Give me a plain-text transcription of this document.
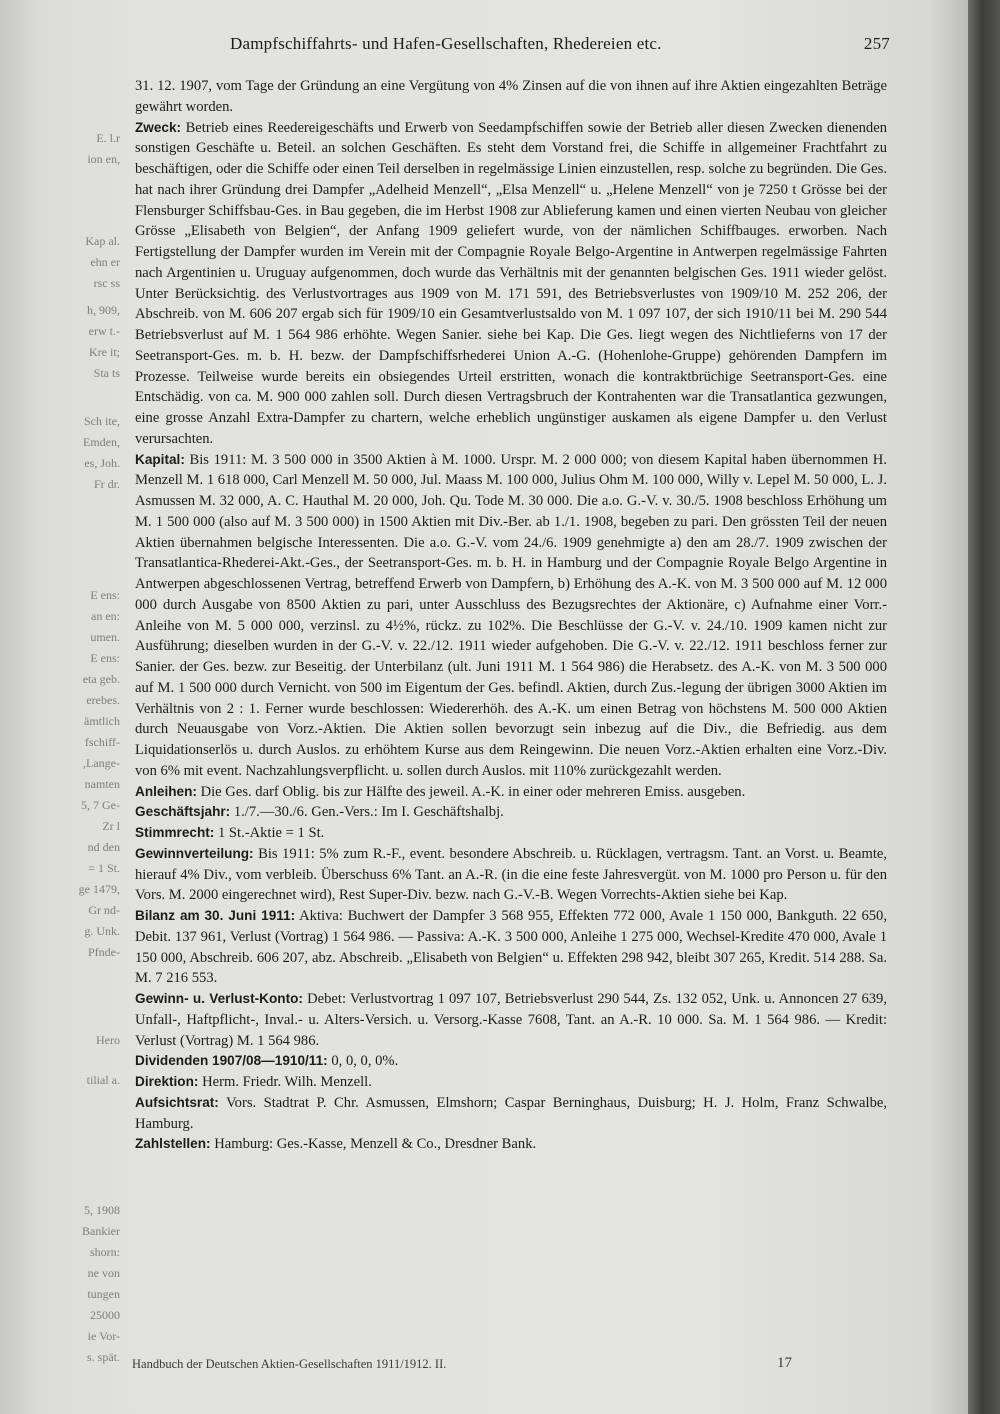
E. l.r
ion en,
Kap al.
ehn er
rsc ss
h, 909,
erw t.-
Kre it;
Sta ts
Sch ite,
Emden,
es, Joh.
Fr dr.
E ens:
an en:
umen.
E ens:
eta geb.
erebes.
ämtlich
fschiff-
,Lange-
namten
5, 7 Ge-
Zr l
nd den
= 1 St.
ge 1479,
Gr nd-
g. Unk.
Pfnde-
Hero
tilial a.
5, 1908
Bankier
shorn:
ne von
tungen
25000
ie Vor-
s. spät.
Dampfschiffahrts- und Hafen-Gesellschaften, Rhedereien etc.	257

31. 12. 1907, vom Tage der Gründung an eine Vergütung von 4% Zinsen auf die von ihnen auf ihre Aktien eingezahlten Beträge gewährt worden.

Zweck: Betrieb eines Reedereigeschäfts und Erwerb von Seedampfschiffen sowie der Betrieb aller diesen Zwecken dienenden sonstigen Geschäfte u. Beteil. an solchen Geschäften. Es steht dem Vorstand frei, die Schiffe in allgemeiner Frachtfahrt zu beschäftigen, oder die Schiffe oder einen Teil derselben in regelmässige Linien einzustellen, resp. solche zu begründen. Die Ges. hat nach ihrer Gründung drei Dampfer „Adelheid Menzell“, „Elsa Menzell“ u. „Helene Menzell“ von je 7250 t Grösse bei der Flensburger Schiffsbau-Ges. in Bau gegeben, die im Herbst 1908 zur Ablieferung kamen und einen vierten Neubau von gleicher Grösse „Elisabeth von Belgien“, der Anfang 1909 geliefert wurde, von der nämlichen Schiffbauges. erworben. Nach Fertigstellung der Dampfer wurden im Verein mit der Compagnie Royale Belgo-Argentine in Antwerpen regelmässige Fahrten nach Argentinien u. Uruguay aufgenommen, doch wurde das Verhältnis mit der genannten belgischen Ges. 1911 wieder gelöst. Unter Berücksichtig. des Verlustvortrages aus 1909 von M. 171 591, des Betriebsverlustes von 1909/10 M. 252 206, der Abschreib. von M. 606 207 ergab sich für 1909/10 ein Gesamtverlustsaldo von M. 1 097 107, der sich 1910/11 bei M. 290 544 Betriebsverlust auf M. 1 564 986 erhöhte. Wegen Sanier. siehe bei Kap. Die Ges. liegt wegen des Nichtlieferns von 17 der Seetransport-Ges. m. b. H. bezw. der Dampfschiffsrhederei Union A.-G. (Hohenlohe-Gruppe) gehörenden Dampfern im Prozesse. Teilweise wurde bereits ein obsiegendes Urteil erstritten, wonach die kontraktbrüchige Seetransport-Ges. eine Entschädig. von ca. M. 900 000 zahlen soll. Durch diesen Vertragsbruch der Kontrahenten war die Transatlantica gezwungen, eine grosse Anzahl Extra-Dampfer zu chartern, welche erheblich ungünstiger auskamen als eigene Dampfer u. den Verlust verursachten.

Kapital: Bis 1911: M. 3 500 000 in 3500 Aktien à M. 1000. Urspr. M. 2 000 000; von diesem Kapital haben übernommen H. Menzell M. 1 618 000, Carl Menzell M. 50 000, Jul. Maass M. 100 000, Julius Ohm M. 100 000, Willy v. Lepel M. 50 000, L. J. Asmussen M. 32 000, A. C. Hauthal M. 20 000, Joh. Qu. Tode M. 30 000. Die a.o. G.-V. v. 30./5. 1908 beschloss Erhöhung um M. 1 500 000 (also auf M. 3 500 000) in 1500 Aktien mit Div.-Ber. ab 1./1. 1908, begeben zu pari. Den grössten Teil der neuen Aktien übernahmen belgische Interessenten. Die a.o. G.-V. vom 24./6. 1909 genehmigte a) den am 28./7. 1909 zwischen der Transatlantica-Rhederei-Akt.-Ges., der Seetransport-Ges. m. b. H. in Hamburg und der Compagnie Royale Belgo Argentine in Antwerpen abgeschlossenen Vertrag, betreffend Erwerb von Dampfern, b) Erhöhung des A.-K. von M. 3 500 000 auf M. 12 000 000 durch Ausgabe von 8500 Aktien zu pari, unter Ausschluss des Bezugsrechtes der Aktionäre, c) Aufnahme einer Vorr.-Anleihe von M. 5 000 000, verzinsl. zu 4½%, rückz. zu 102%. Die Beschlüsse der G.-V. v. 24./10. 1909 kamen nicht zur Ausführung; dieselben wurden in der G.-V. v. 22./12. 1911 wieder aufgehoben. Die G.-V. v. 22./12. 1911 beschloss ferner zur Sanier. der Ges. bezw. zur Beseitig. der Unterbilanz (ult. Juni 1911 M. 1 564 986) die Herabsetz. des A.-K. von M. 3 500 000 auf M. 1 500 000 durch Vernicht. von 500 im Eigentum der Ges. befindl. Aktien, durch Zus.-legung der übrigen 3000 Aktien im Verhältnis von 2 : 1. Ferner wurde beschlossen: Wiedererhöh. des A.-K. um einen Betrag von höchstens M. 500 000 Aktien durch Neuausgabe von Vorz.-Aktien. Die Aktien sollen bevorzugt sein inbezug auf die Div., die Befriedig. aus dem Liquidationserlös u. durch Auslos. zu erhöhtem Kurse aus dem Reingewinn. Die neuen Vorz.-Aktien erhalten eine Vorz.-Div. von 6% mit event. Nachzahlungsverpflicht. u. sollen durch Auslos. mit 110% zurückgezahlt werden.

Anleihen: Die Ges. darf Oblig. bis zur Hälfte des jeweil. A.-K. in einer oder mehreren Emiss. ausgeben.

Geschäftsjahr: 1./7.—30./6. Gen.-Vers.: Im I. Geschäftshalbj.

Stimmrecht: 1 St.-Aktie = 1 St.

Gewinnverteilung: Bis 1911: 5% zum R.-F., event. besondere Abschreib. u. Rücklagen, vertragsm. Tant. an Vorst. u. Beamte, hierauf 4% Div., vom verbleib. Überschuss 6% Tant. an A.-R. (in die eine feste Jahresvergüt. von M. 1000 pro Person u. für den Vors. M. 2000 eingerechnet wird), Rest Super-Div. bezw. nach G.-V.-B. Wegen Vorrechts-Aktien siehe bei Kap.

Bilanz am 30. Juni 1911: Aktiva: Buchwert der Dampfer 3 568 955, Effekten 772 000, Avale 1 150 000, Bankguth. 22 650, Debit. 137 961, Verlust (Vortrag) 1 564 986. — Passiva: A.-K. 3 500 000, Anleihe 1 275 000, Wechsel-Kredite 470 000, Avale 1 150 000, Abschreib. 606 207, abz. Abschreib. „Elisabeth von Belgien“ u. Effekten 298 942, bleibt 307 265, Kredit. 514 288. Sa. M. 7 216 553.

Gewinn- u. Verlust-Konto: Debet: Verlustvortrag 1 097 107, Betriebsverlust 290 544, Zs. 132 052, Unk. u. Annoncen 27 639, Unfall-, Haftpflicht-, Inval.- u. Alters-Versich. u. Versorg.-Kasse 7608, Tant. an A.-R. 10 000. Sa. M. 1 564 986. — Kredit: Verlust (Vortrag) M. 1 564 986.

Dividenden 1907/08—1910/11: 0, 0, 0, 0%.

Direktion: Herm. Friedr. Wilh. Menzell.

Aufsichtsrat: Vors. Stadtrat P. Chr. Asmussen, Elmshorn; Caspar Berninghaus, Duisburg; H. J. Holm, Franz Schwalbe, Hamburg.

Zahlstellen: Hamburg: Ges.-Kasse, Menzell & Co., Dresdner Bank.

Handbuch der Deutschen Aktien-Gesellschaften 1911/1912. II.	17
